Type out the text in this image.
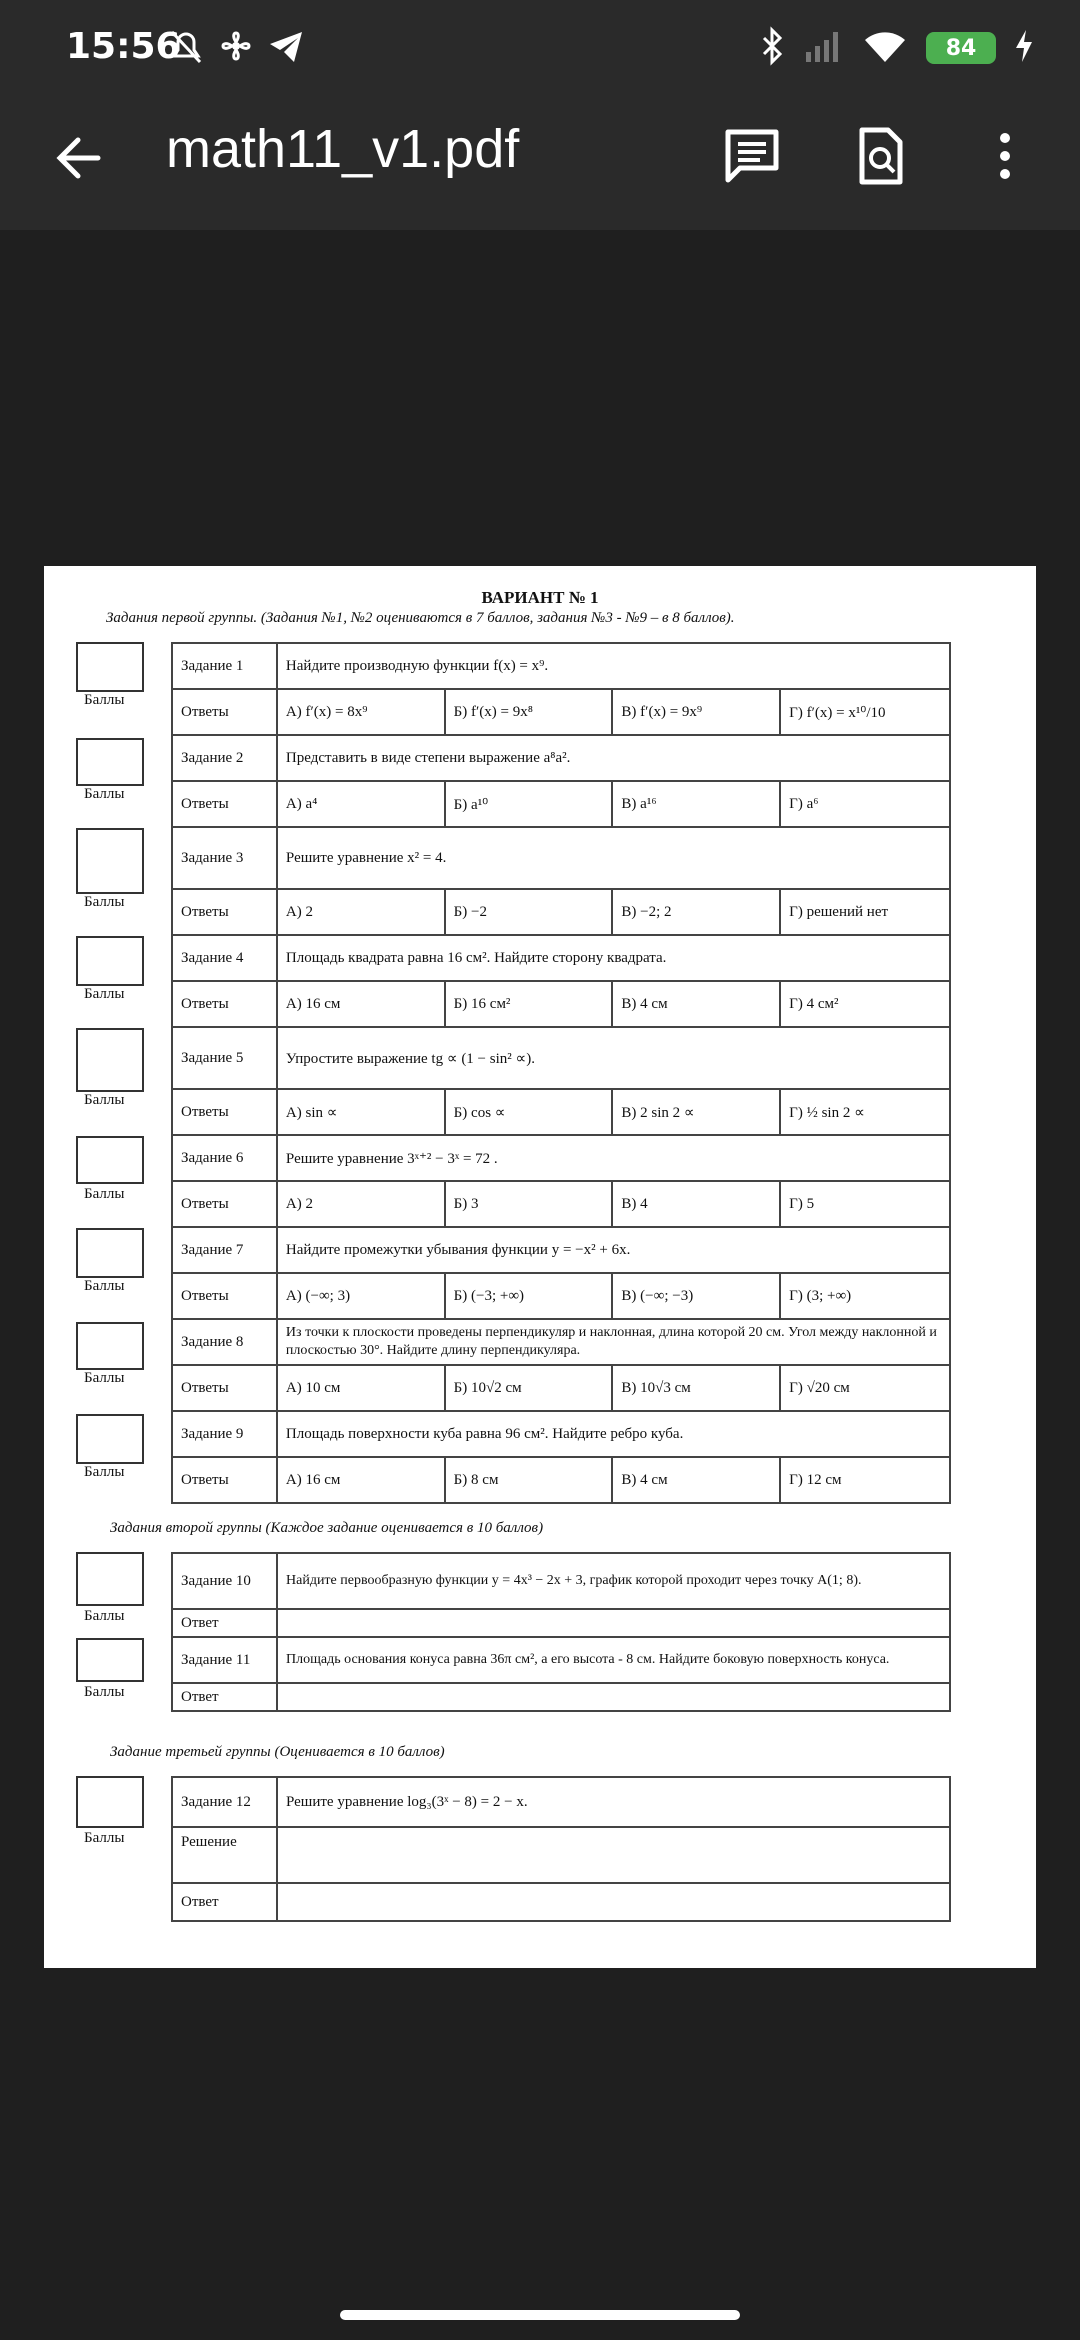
15:56	84
math11_v1.pdf
ВАРИАНТ № 1
Задания первой группы. (Задания №1, №2 оцениваются в 7 баллов, задания №3 - №9 – в 8 баллов).
Баллы
Баллы
Баллы
Баллы
Баллы
Баллы
Баллы
Баллы
Баллы
Задание 1	Найдите производную функции f(x) = x⁹.			
Ответы	А) f′(x) = 8x⁹	Б) f′(x) = 9x⁸	В) f′(x) = 9x⁹	Г) f′(x) = x¹⁰/10
Задание 2	Представить в виде степени выражение a⁸a².			
Ответы	А) a⁴	Б) a¹⁰	В) a¹⁶	Г) a⁶
Задание 3	Решите уравнение x² = 4.			
Ответы	А) 2	Б) −2	В) −2; 2	Г) решений нет
Задание 4	Площадь квадрата равна 16 см². Найдите сторону квадрата.			
Ответы	А) 16 см	Б) 16 см²	В) 4 см	Г) 4 см²
Задание 5	Упростите выражение tg ∝ (1 − sin² ∝).			
Ответы	А) sin ∝	Б) cos ∝	В) 2 sin 2 ∝	Г) ½ sin 2 ∝
Задание 6	Решите уравнение 3ˣ⁺² − 3ˣ = 72 .			
Ответы	А) 2	Б) 3	В) 4	Г) 5
Задание 7	Найдите промежутки убывания функции y = −x² + 6x.			
Ответы	А) (−∞; 3)	Б) (−3; +∞)	В) (−∞; −3)	Г) (3; +∞)
Задание 8	Из точки к плоскости проведены перпендикуляр и наклонная, длина которой 20 см. Угол между наклонной и плоскостью 30°. Найдите длину перпендикуляра.			
Ответы	А) 10 см	Б) 10√2 см	В) 10√3 см	Г) √20 см
Задание 9	Площадь поверхности куба равна 96 см². Найдите ребро куба.			
Ответы	А) 16 см	Б) 8 см	В) 4 см	Г) 12 см
Задания второй группы (Каждое задание оценивается в 10 баллов)
Баллы
Баллы
Задание 10	Найдите первообразную функции y = 4x³ − 2x + 3, график которой проходит через точку A(1; 8).
Ответ	
Задание 11	Площадь основания конуса равна 36π см², а его высота - 8 см. Найдите боковую поверхность конуса.
Ответ	
Задание третьей группы (Оценивается в 10 баллов)
Баллы
Задание 12	Решите уравнение log₃(3ˣ − 8) = 2 − x.
Решение	
Ответ	
